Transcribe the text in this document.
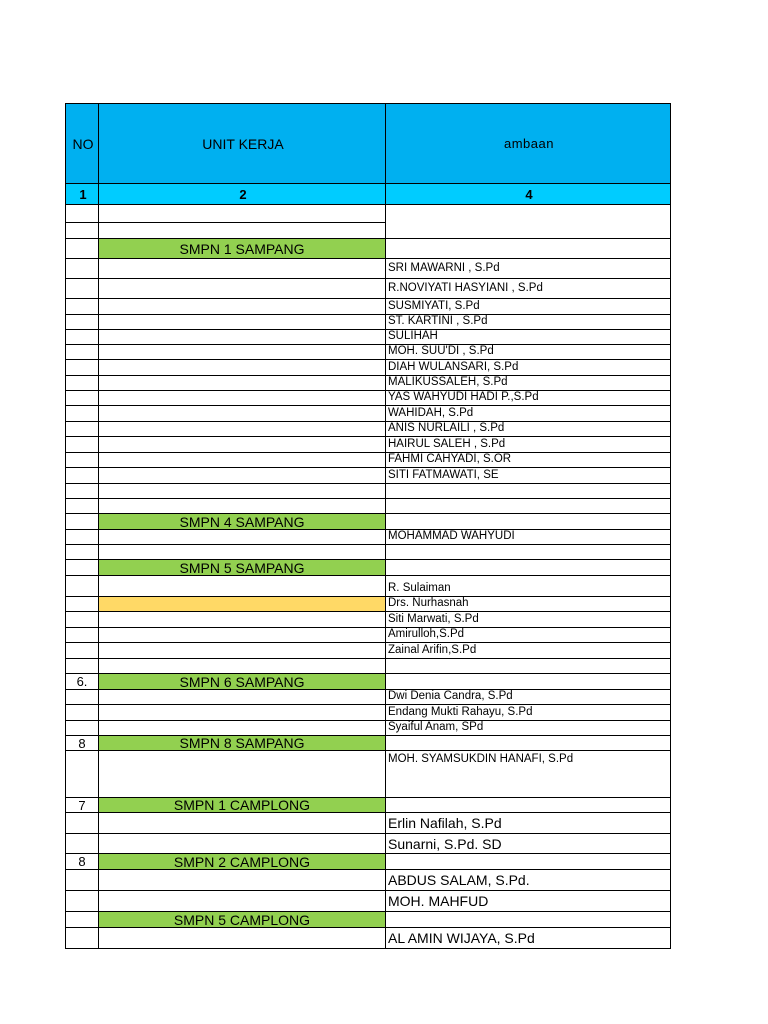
NO	UNIT KERJA	ambaan
1	2	4

	SMPN 1 SAMPANG	
		SRI MAWARNI , S.Pd
		R.NOVIYATI HASYIANI , S.Pd
		SUSMIYATI, S.Pd
		ST. KARTINI , S.Pd
		SULIHAH
		MOH. SUU'DI , S.Pd
		DIAH WULANSARI, S.Pd
		MALIKUSSALEH, S.Pd
		YAS WAHYUDI HADI P.,S.Pd
		WAHIDAH, S.Pd
		ANIS NURLAILI , S.Pd
		HAIRUL SALEH , S.Pd
		FAHMI CAHYADI, S.OR
		SITI FATMAWATI, SE

	SMPN 4 SAMPANG	
		MOHAMMAD WAHYUDI

	SMPN 5 SAMPANG	
		R. Sulaiman
		Drs. Nurhasnah
		Siti Marwati, S.Pd
		Amirulloh,S.Pd
		Zainal Arifin,S.Pd

6.	SMPN 6 SAMPANG	
		Dwi Denia Candra, S.Pd
		Endang Mukti Rahayu, S.Pd
		Syaiful Anam, SPd
8	SMPN 8 SAMPANG	
		MOH. SYAMSUKDIN HANAFI, S.Pd
7	SMPN 1 CAMPLONG	
		Erlin Nafilah, S.Pd
		Sunarni, S.Pd. SD
8	SMPN 2 CAMPLONG	
		ABDUS SALAM, S.Pd.
		MOH. MAHFUD
	SMPN 5 CAMPLONG	
		AL AMIN WIJAYA, S.Pd
